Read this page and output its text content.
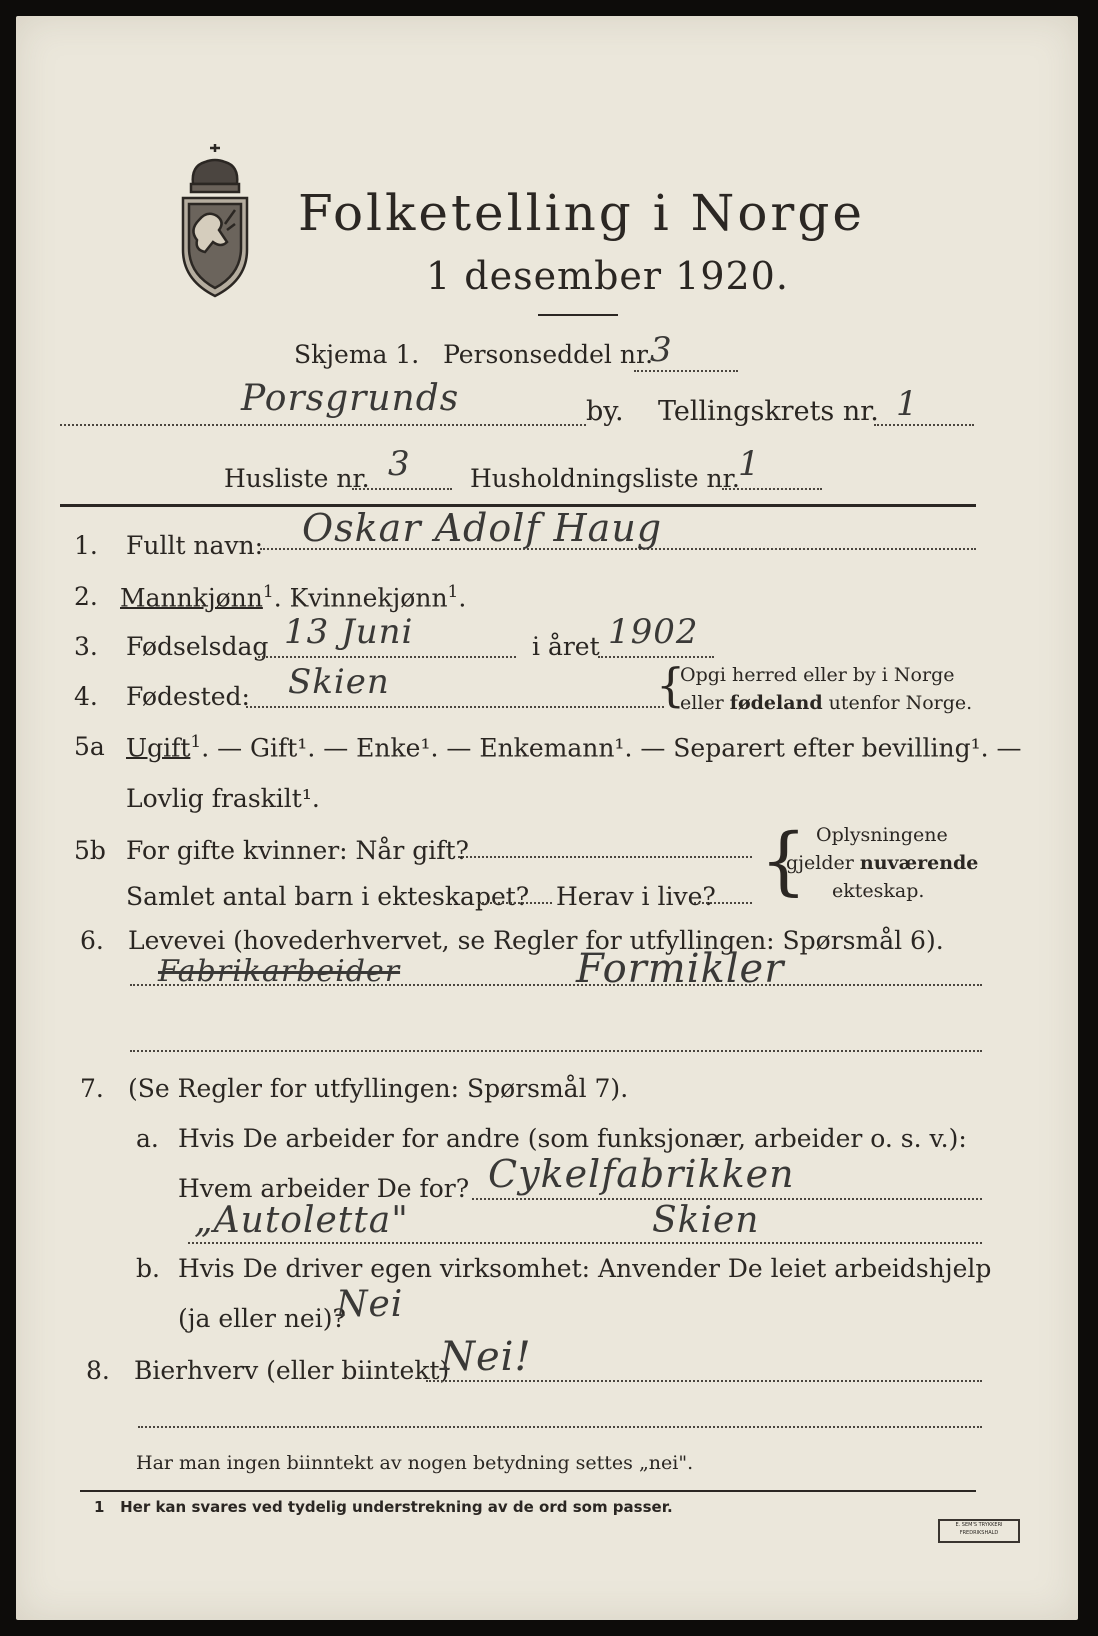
Folketelling i Norge
1 desember 1920.
Skjema 1. Personseddel nr.
3
Porsgrunds	by. Tellingskrets nr. 1
Husliste nr. 3 Husholdningsliste nr.
1
1. Fullt navn: Oskar Adolf Haug
2. Mannkjønn$^1$. Kvinnekjønn$^1$.
3. Fødselsdag 13 Juni	i året 1902
4. Fødested: Skien	{
Opgi herred eller by i Norge
eller fødeland utenfor Norge.
5a Ugift$^1$. — Gift¹. — Enke¹. — Enkemann¹. — Separert efter bevilling¹. —
Lovlig fraskilt¹.
5b For gifte kvinner: Når gift?
Samlet antal barn i ekteskapet? Herav i live? { Oplysningene
gjelder nuværende
ekteskap.
6. Levevei (hovederhvervet, se Regler for utfyllingen: Spørsmål 6).
Fabrikarbeider	Formikler
7. (Se Regler for utfyllingen: Spørsmål 7).
a. Hvis De arbeider for andre (som funksjonær, arbeider o. s. v.):
Hvem arbeider De for? Cykelfabrikken
„Autoletta"	Skien
b. Hvis De driver egen virksomhet: Anvender De leiet arbeidshjelp
(ja eller nei)?
Nei
8. Bierhverv (eller biintekt)
Nei!
Har man ingen biinntekt av nogen betydning settes „nei".
1 Her kan svares ved tydelig understrekning av de ord som passer.
E. SEM'S TRYKKERI
FREDRIKSHALD
